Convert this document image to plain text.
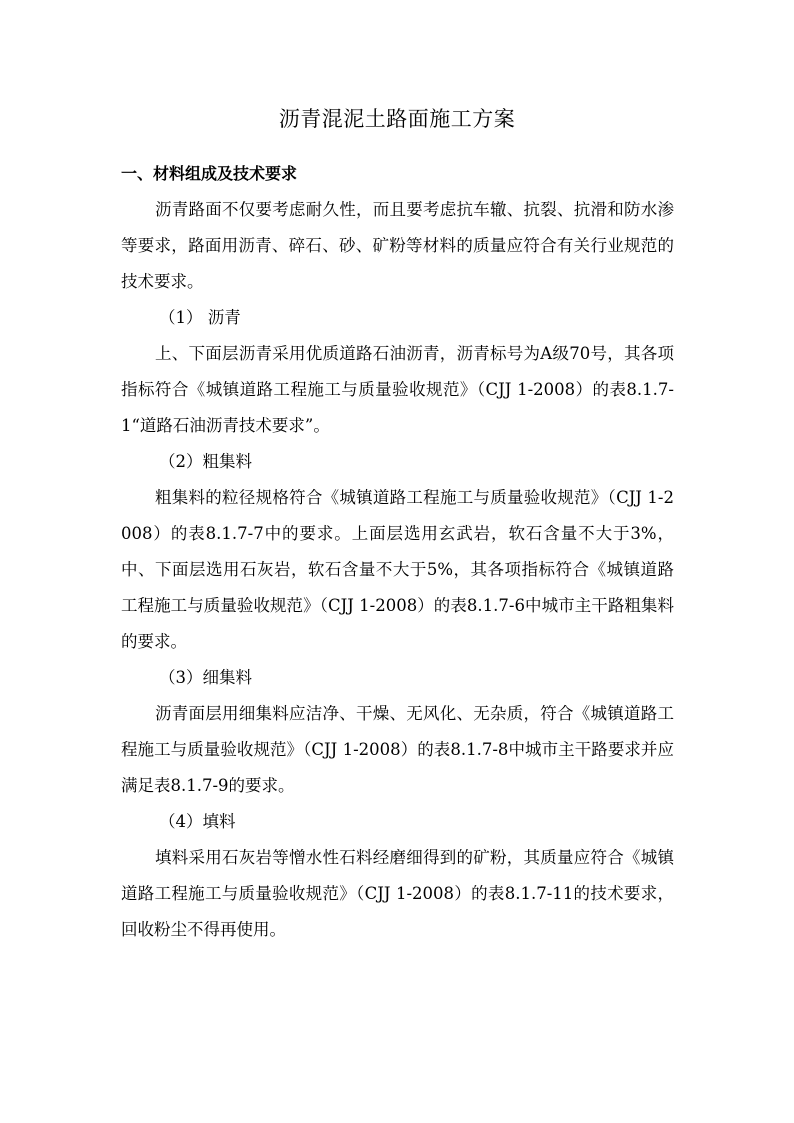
沥青混泥土路面施工方案

一、材料组成及技术要求

沥青路面不仅要考虑耐久性，而且要考虑抗车辙、抗裂、抗滑和防水渗等要求，路面用沥青、碎石、砂、矿粉等材料的质量应符合有关行业规范的技术要求。

（1） 沥青

上、下面层沥青采用优质道路石油沥青，沥青标号为A级70号，其各项指标符合《城镇道路工程施工与质量验收规范》（CJJ 1-2008）的表8.1.7-1“道路石油沥青技术要求”。

（2）粗集料

粗集料的粒径规格符合《城镇道路工程施工与质量验收规范》（CJJ 1-2008）的表8.1.7-7中的要求。上面层选用玄武岩，软石含量不大于3%，中、下面层选用石灰岩，软石含量不大于5%，其各项指标符合《城镇道路工程施工与质量验收规范》（CJJ 1-2008）的表8.1.7-6中城市主干路粗集料的要求。

（3）细集料

沥青面层用细集料应洁净、干燥、无风化、无杂质，符合《城镇道路工程施工与质量验收规范》（CJJ 1-2008）的表8.1.7-8中城市主干路要求并应满足表8.1.7-9的要求。

（4）填料

填料采用石灰岩等憎水性石料经磨细得到的矿粉，其质量应符合《城镇道路工程施工与质量验收规范》（CJJ 1-2008）的表8.1.7-11的技术要求，回收粉尘不得再使用。
